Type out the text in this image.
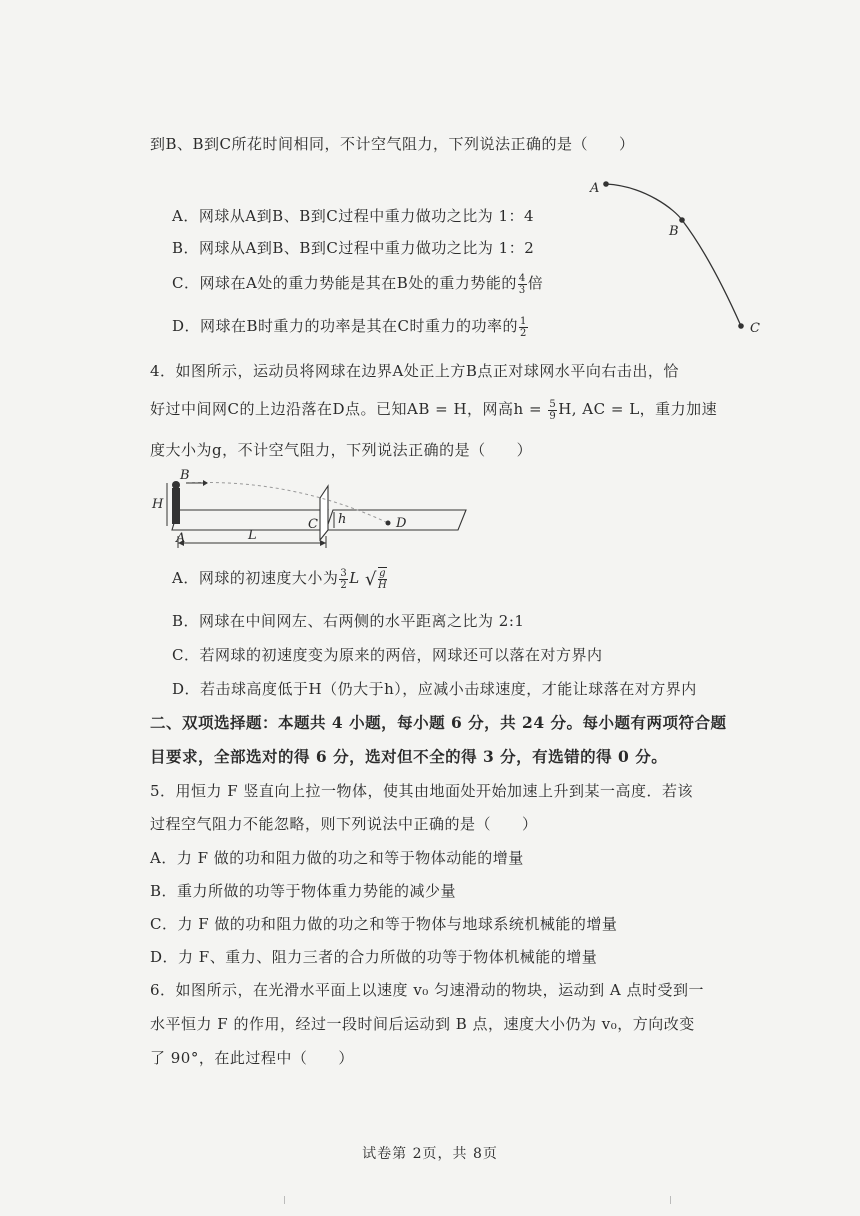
到B、B到C所花时间相同，不计空气阻力，下列说法正确的是（　　）
A
B
C
A．网球从A到B、B到C过程中重力做功之比为 1：4
B．网球从A到B、B到C过程中重力做功之比为 1：2
C．网球在A处的重力势能是其在B处的重力势能的 $\frac{4}{3}$ 倍
D．网球在B时重力的功率是其在C时重力的功率的 $\frac{1}{2}$
4．如图所示，运动员将网球在边界A处正上方B点正对球网水平向右击出，恰
好过中间网C的上边沿落在D点。已知AB = H，网高$h = \frac{5}{9} H$, AC = L，重力加速
度大小为g，不计空气阻力，下列说法正确的是（　　）
B
H
A	L
C h	D
A．网球的初速度大小为 $\frac{3}{2}$ L √ $\frac{g}{H}$
B．网球在中间网左、右两侧的水平距离之比为 2:1
C．若网球的初速度变为原来的两倍，网球还可以落在对方界内
D．若击球高度低于H（仍大于h），应减小击球速度，才能让球落在对方界内
二、双项选择题：本题共 4 小题，每小题 6 分，共 24 分。每小题有两项符合题
目要求，全部选对的得 6 分，选对但不全的得 3 分，有选错的得 0 分。
5．用恒力 F 竖直向上拉一物体，使其由地面处开始加速上升到某一高度．若该
过程空气阻力不能忽略，则下列说法中正确的是（　　）
A．力 F 做的功和阻力做的功之和等于物体动能的增量
B．重力所做的功等于物体重力势能的减少量
C．力 F 做的功和阻力做的功之和等于物体与地球系统机械能的增量
D．力 F、重力、阻力三者的合力所做的功等于物体机械能的增量
6．如图所示，在光滑水平面上以速度 v₀ 匀速滑动的物块，运动到 A 点时受到一
水平恒力 F 的作用，经过一段时间后运动到 B 点，速度大小仍为 v₀，方向改变
了 90°，在此过程中（　　）
试卷第 2页，共 8页
